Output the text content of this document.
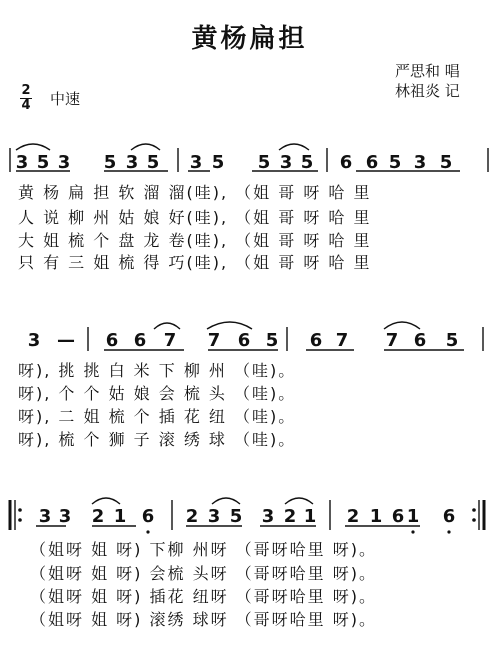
黄杨扁担
严思和 唱
林祖炎 记
2
4 中速
3 5 3 5 3 5 3 5 5 3 5 6 6 5 3 5
3 — 6 6 7 7 6 5 6 7 7 6 5
3 3 2 1 6 2 3 5 3 2 1 2 1 6 1 6
黄 杨 扁 担 软 溜 溜(哇), （姐 哥 呀 哈 里
人 说 柳 州 姑 娘 好(哇), （姐 哥 呀 哈 里
大 姐 梳 个 盘 龙 卷(哇), （姐 哥 呀 哈 里
只 有 三 姐 梳 得 巧(哇), （姐 哥 呀 哈 里
呀), 挑 挑 白 米 下 柳 州 （哇)。
呀), 个 个 姑 娘 会 梳 头 （哇)。
呀), 二 姐 梳 个 插 花 纽 （哇)。
呀), 梳 个 狮 子 滚 绣 球 （哇)。
（姐呀 姐 呀) 下柳 州呀 （哥呀哈里 呀)。
（姐呀 姐 呀) 会梳 头呀 （哥呀哈里 呀)。
（姐呀 姐 呀) 插花 纽呀 （哥呀哈里 呀)。
（姐呀 姐 呀) 滚绣 球呀 （哥呀哈里 呀)。
